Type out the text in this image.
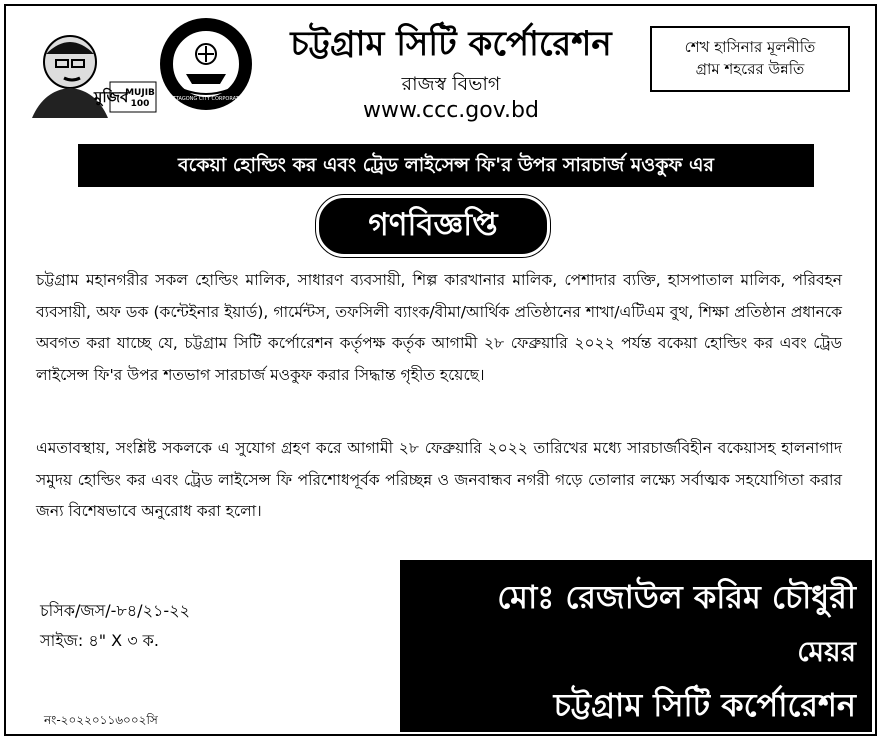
মুজিব
MUJIB 100	CHITTAGONG CITY CORPORATION
চট্টগ্রাম সিটি কর্পোরেশন
রাজস্ব বিভাগ
www.ccc.gov.bd
শেখ হাসিনার মূলনীতি
গ্রাম শহরের উন্নতি
বকেয়া হোল্ডিং কর এবং ট্রেড লাইসেন্স ফি'র উপর সারচার্জ মওকুফ এর
গণবিজ্ঞপ্তি
চট্টগ্রাম মহানগরীর সকল হোল্ডিং মালিক, সাধারণ ব্যবসায়ী, শিল্প কারখানার মালিক, পেশাদার ব্যক্তি, হাসপাতাল মালিক, পরিবহন ব্যবসায়ী, অফ ডক (কন্টেইনার ইয়ার্ড), গার্মেন্টস, তফসিলী ব্যাংক/বীমা/আর্থিক প্রতিষ্ঠানের শাখা/এটিএম বুথ, শিক্ষা প্রতিষ্ঠান প্রধানকে অবগত করা যাচ্ছে যে, চট্টগ্রাম সিটি কর্পোরেশন কর্তৃপক্ষ কর্তৃক আগামী ২৮ ফেব্রুয়ারি ২০২২ পর্যন্ত বকেয়া হোল্ডিং কর এবং ট্রেড লাইসেন্স ফি'র উপর শতভাগ সারচার্জ মওকুফ করার সিদ্ধান্ত গৃহীত হয়েছে।
এমতাবস্থায়, সংশ্লিষ্ট সকলকে এ সুযোগ গ্রহণ করে আগামী ২৮ ফেব্রুয়ারি ২০২২ তারিখের মধ্যে সারচার্জবিহীন বকেয়াসহ হালনাগাদ সমুদয় হোল্ডিং কর এবং ট্রেড লাইসেন্স ফি পরিশোধপূর্বক পরিচ্ছন্ন ও জনবান্ধব নগরী গড়ে তোলার লক্ষ্যে সর্বাত্মক সহযোগিতা করার জন্য বিশেষভাবে অনুরোধ করা হলো।
চসিক/জস/-৮৪/২১-২২
সাইজ: ৪" X ৩ ক.
মোঃ রেজাউল করিম চৌধুরী
মেয়র
চট্টগ্রাম সিটি কর্পোরেশন
নং-২০২২০১১৬০০২সি
